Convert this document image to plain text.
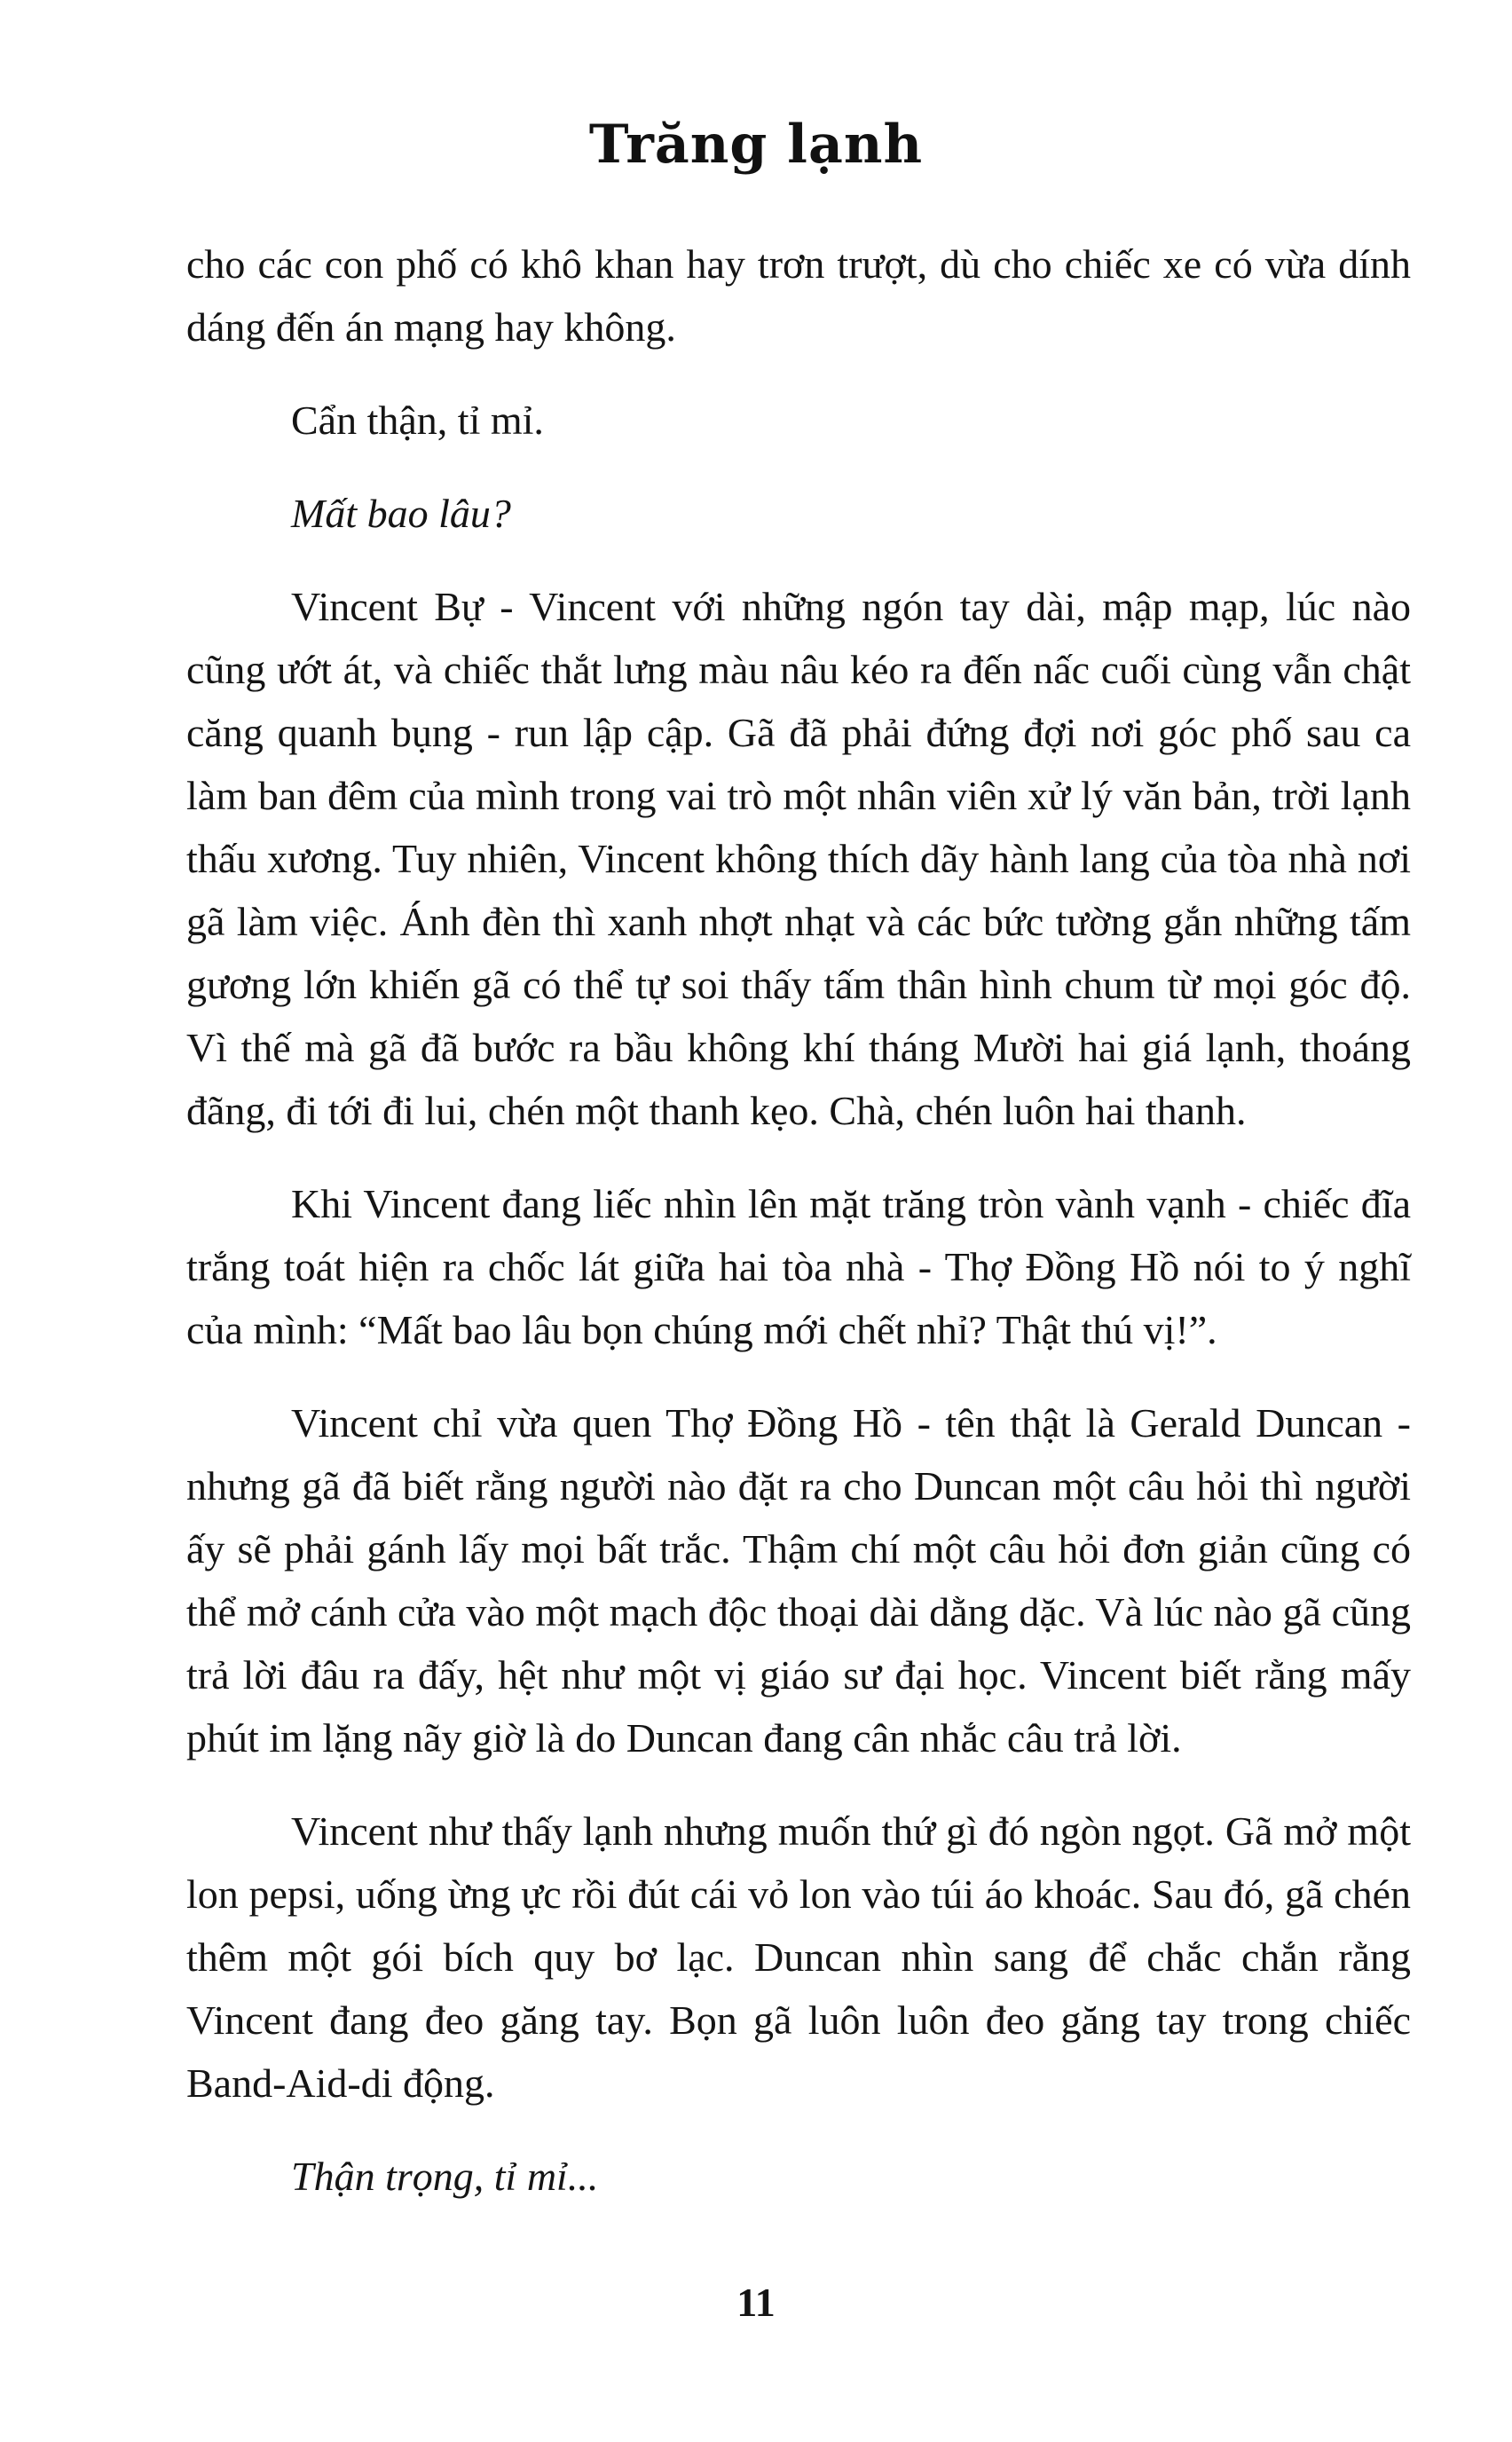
Trăng lạnh

cho các con phố có khô khan hay trơn trượt, dù cho chiếc xe có vừa dính dáng đến án mạng hay không.

Cẩn thận, tỉ mỉ.

Mất bao lâu?

Vincent Bự - Vincent với những ngón tay dài, mập mạp, lúc nào cũng ướt át, và chiếc thắt lưng màu nâu kéo ra đến nấc cuối cùng vẫn chật căng quanh bụng - run lập cập. Gã đã phải đứng đợi nơi góc phố sau ca làm ban đêm của mình trong vai trò một nhân viên xử lý văn bản, trời lạnh thấu xương. Tuy nhiên, Vincent không thích dãy hành lang của tòa nhà nơi gã làm việc. Ánh đèn thì xanh nhợt nhạt và các bức tường gắn những tấm gương lớn khiến gã có thể tự soi thấy tấm thân hình chum từ mọi góc độ. Vì thế mà gã đã bước ra bầu không khí tháng Mười hai giá lạnh, thoáng đãng, đi tới đi lui, chén một thanh kẹo. Chà, chén luôn hai thanh.

Khi Vincent đang liếc nhìn lên mặt trăng tròn vành vạnh - chiếc đĩa trắng toát hiện ra chốc lát giữa hai tòa nhà - Thợ Đồng Hồ nói to ý nghĩ của mình: “Mất bao lâu bọn chúng mới chết nhỉ? Thật thú vị!”.

Vincent chỉ vừa quen Thợ Đồng Hồ - tên thật là Gerald Duncan - nhưng gã đã biết rằng người nào đặt ra cho Duncan một câu hỏi thì người ấy sẽ phải gánh lấy mọi bất trắc. Thậm chí một câu hỏi đơn giản cũng có thể mở cánh cửa vào một mạch độc thoại dài dằng dặc. Và lúc nào gã cũng trả lời đâu ra đấy, hệt như một vị giáo sư đại học. Vincent biết rằng mấy phút im lặng nãy giờ là do Duncan đang cân nhắc câu trả lời.

Vincent như thấy lạnh nhưng muốn thứ gì đó ngòn ngọt. Gã mở một lon pepsi, uống ừng ực rồi đút cái vỏ lon vào túi áo khoác. Sau đó, gã chén thêm một gói bích quy bơ lạc. Duncan nhìn sang để chắc chắn rằng Vincent đang đeo găng tay. Bọn gã luôn luôn đeo găng tay trong chiếc Band-Aid-di động.

Thận trọng, tỉ mỉ...

11
